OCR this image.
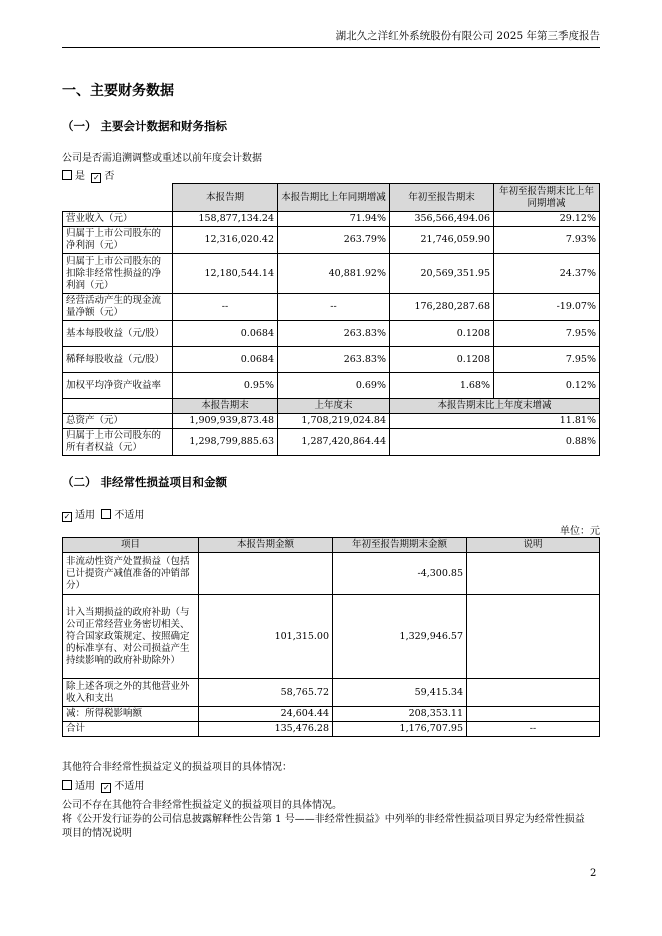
湖北久之洋红外系统股份有限公司 2025 年第三季度报告
一、主要财务数据
（一） 主要会计数据和财务指标
公司是否需追溯调整或重述以前年度会计数据
是 ✓ 否
	本报告期	本报告期比上年同期增减	年初至报告期末	年初至报告期末比上年同期增减
营业收入（元）	158,877,134.24	71.94%	356,566,494.06	29.12%
归属于上市公司股东的净利润（元）	12,316,020.42	263.79%	21,746,059.90	7.93%
归属于上市公司股东的扣除非经常性损益的净利润（元）	12,180,544.14	40,881.92%	20,569,351.95	24.37%
经营活动产生的现金流量净额（元）	--	--	176,280,287.68	-19.07%
基本每股收益（元/股）	0.0684	263.83%	0.1208	7.95%
稀释每股收益（元/股）	0.0684	263.83%	0.1208	7.95%
加权平均净资产收益率	0.95%	0.69%	1.68%	0.12%
	本报告期末	上年度末	本报告期末比上年度末增减	
总资产（元）	1,909,939,873.48	1,708,219,024.84	11.81%	
归属于上市公司股东的所有者权益（元）	1,298,799,885.63	1,287,420,864.44	0.88%	
（二） 非经常性损益项目和金额
✓ 适用 不适用
单位：元
项目	本报告期金额	年初至报告期期末金额	说明
非流动性资产处置损益（包括已计提资产减值准备的冲销部分）		-4,300.85	
计入当期损益的政府补助（与公司正常经营业务密切相关、符合国家政策规定、按照确定的标准享有、对公司损益产生持续影响的政府补助除外）	101,315.00	1,329,946.57	
除上述各项之外的其他营业外收入和支出	58,765.72	59,415.34	
减：所得税影响额	24,604.44	208,353.11	
合计	135,476.28	1,176,707.95	--
其他符合非经常性损益定义的损益项目的具体情况：
适用 ✓ 不适用
公司不存在其他符合非经常性损益定义的损益项目的具体情况。
将《公开发行证券的公司信息披露解释性公告第 1 号——非经常性损益》中列举的非经常性损益项目界定为经常性损益项目的情况说明
2
